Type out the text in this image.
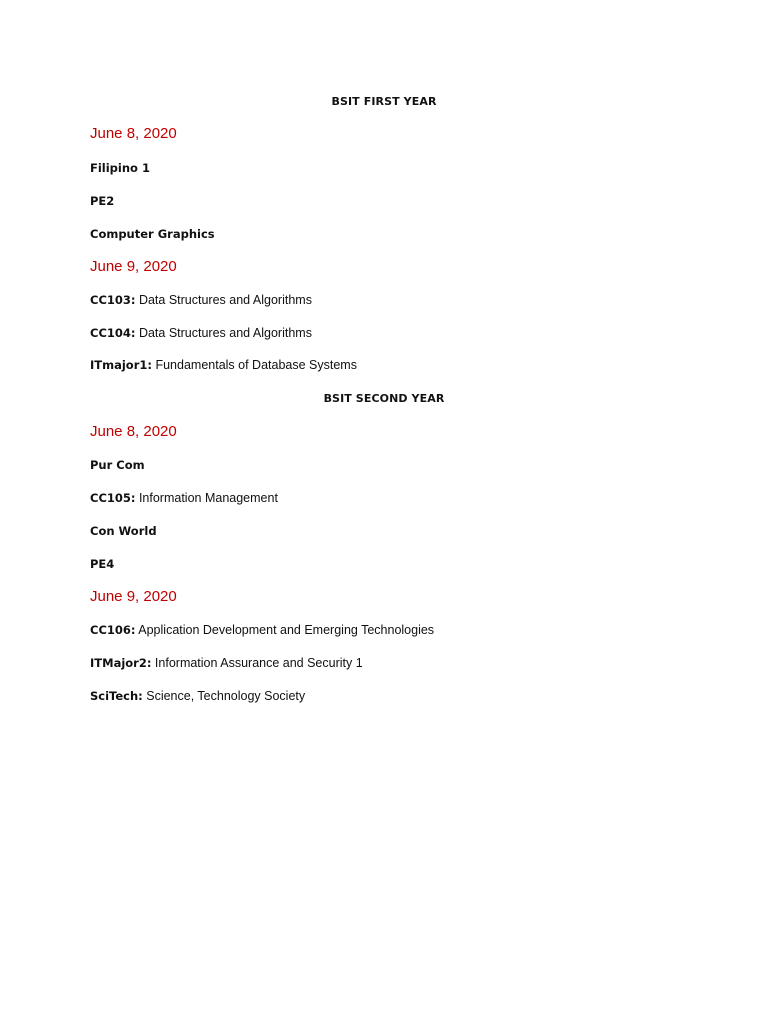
BSIT FIRST YEAR
June 8, 2020
Filipino 1
PE2
Computer Graphics
June 9, 2020
CC103: Data Structures and Algorithms
CC104: Data Structures and Algorithms
ITmajor1: Fundamentals of Database Systems
BSIT SECOND YEAR
June 8, 2020
Pur Com
CC105: Information Management
Con World
PE4
June 9, 2020
CC106: Application Development and Emerging Technologies
ITMajor2: Information Assurance and Security 1
SciTech: Science, Technology Society
